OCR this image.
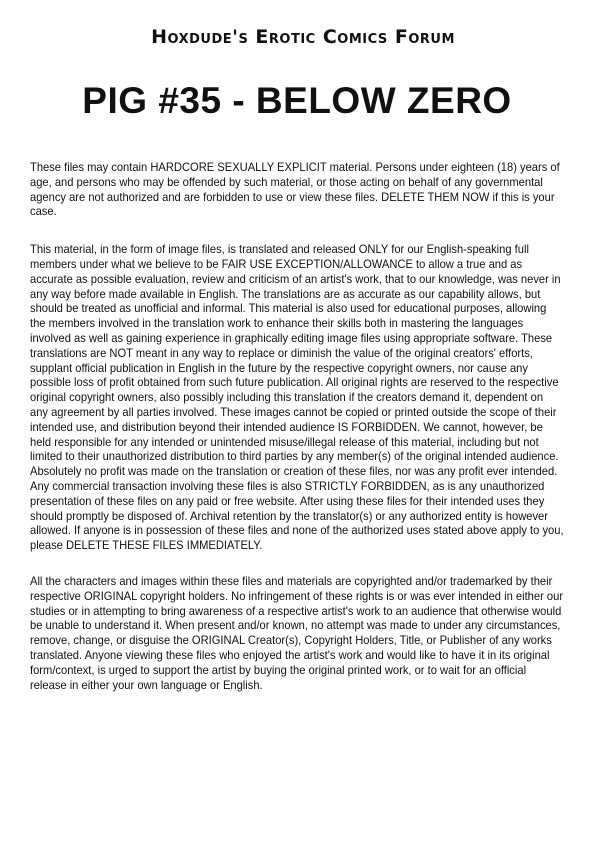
Hoxdude's Erotic Comics Forum
PIG #35 - BELOW ZERO

These files may contain HARDCORE SEXUALLY EXPLICIT material. Persons under eighteen (18) years of age, and persons who may be offended by such material, or those acting on behalf of any governmental agency are not authorized and are forbidden to use or view these files. DELETE THEM NOW if this is your case.

This material, in the form of image files, is translated and released ONLY for our English-speaking full members under what we believe to be FAIR USE EXCEPTION/ALLOWANCE to allow a true and as accurate as possible evaluation, review and criticism of an artist's work, that to our knowledge, was never in any way before made available in English. The translations are as accurate as our capability allows, but should be treated as unofficial and informal. This material is also used for educational purposes, allowing the members involved in the translation work to enhance their skills both in mastering the languages involved as well as gaining experience in graphically editing image files using appropriate software. These translations are NOT meant in any way to replace or diminish the value of the original creators' efforts, supplant official publication in English in the future by the respective copyright owners, nor cause any possible loss of profit obtained from such future publication. All original rights are reserved to the respective original copyright owners, also possibly including this translation if the creators demand it, dependent on any agreement by all parties involved. These images cannot be copied or printed outside the scope of their intended use, and distribution beyond their intended audience IS FORBIDDEN. We cannot, however, be held responsible for any intended or unintended misuse/illegal release of this material, including but not limited to their unauthorized distribution to third parties by any member(s) of the original intended audience. Absolutely no profit was made on the translation or creation of these files, nor was any profit ever intended. Any commercial transaction involving these files is also STRICTLY FORBIDDEN, as is any unauthorized presentation of these files on any paid or free website. After using these files for their intended uses they should promptly be disposed of. Archival retention by the translator(s) or any authorized entity is however allowed. If anyone is in possession of these files and none of the authorized uses stated above apply to you, please DELETE THESE FILES IMMEDIATELY.

All the characters and images within these files and materials are copyrighted and/or trademarked by their respective ORIGINAL copyright holders. No infringement of these rights is or was ever intended in either our studies or in attempting to bring awareness of a respective artist's work to an audience that otherwise would be unable to understand it. When present and/or known, no attempt was made to under any circumstances, remove, change, or disguise the ORIGINAL Creator(s), Copyright Holders, Title, or Publisher of any works translated. Anyone viewing these files who enjoyed the artist's work and would like to have it in its original form/context, is urged to support the artist by buying the original printed work, or to wait for an official release in either your own language or English.
